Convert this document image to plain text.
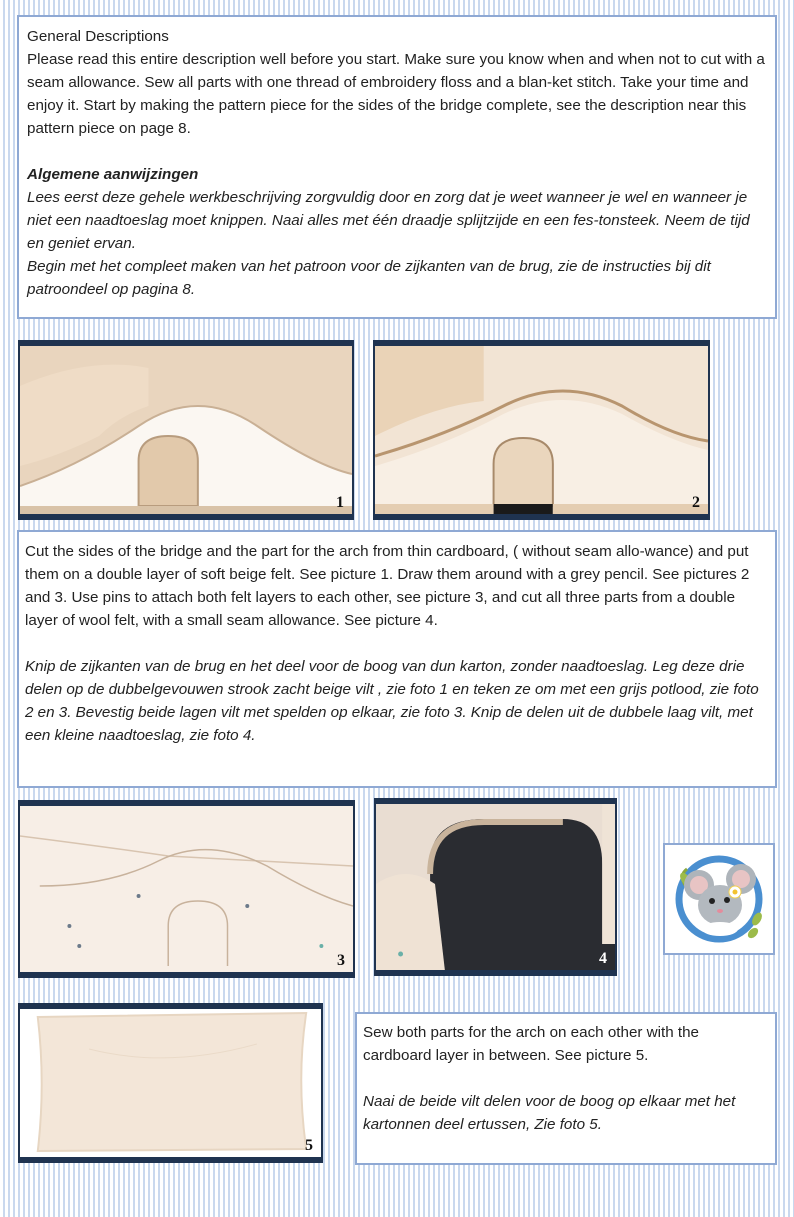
General Descriptions

Please read this entire description well before you start. Make sure you know when and when not to cut with a seam allowance. Sew all parts with one thread of embroidery floss and a blan-ket stitch. Take your time and enjoy it. Start by making the pattern piece for the sides of the bridge complete, see the description near this pattern piece on page 8.

Algemene aanwijzingen

Lees eerst deze gehele werkbeschrijving zorgvuldig door en zorg dat je weet wanneer je wel en wanneer je niet een naadtoeslag moet knippen. Naai alles met één draadje splijtzijde en een fes-tonsteek. Neem de tijd en geniet ervan.

Begin met het compleet maken van het patroon voor de zijkanten van de brug, zie de instructies bij dit patroondeel op pagina 8.

1	2

Cut the sides of the bridge and the part for the arch from thin cardboard, ( without seam allo-wance) and put them on a double layer of soft beige felt. See picture 1. Draw them around with a grey pencil. See pictures 2 and 3. Use pins to attach both felt layers to each other, see picture 3, and cut all three parts from a double layer of wool felt, with a small seam allowance. See picture 4.

Knip de zijkanten van de brug en het deel voor de boog van dun karton, zonder naadtoeslag. Leg deze drie delen op de dubbelgevouwen strook zacht beige vilt , zie foto 1 en teken ze om met een grijs potlood, zie foto 2 en 3. Bevestig beide lagen vilt met spelden op elkaar, zie foto 3. Knip de delen uit de dubbele laag vilt, met een kleine naadtoeslag, zie foto 4.

3	4
5

Sew both parts for the arch on each other with the cardboard layer in between. See picture 5.

Naai de beide vilt delen voor de boog op elkaar met het kartonnen deel ertussen, Zie foto 5.
